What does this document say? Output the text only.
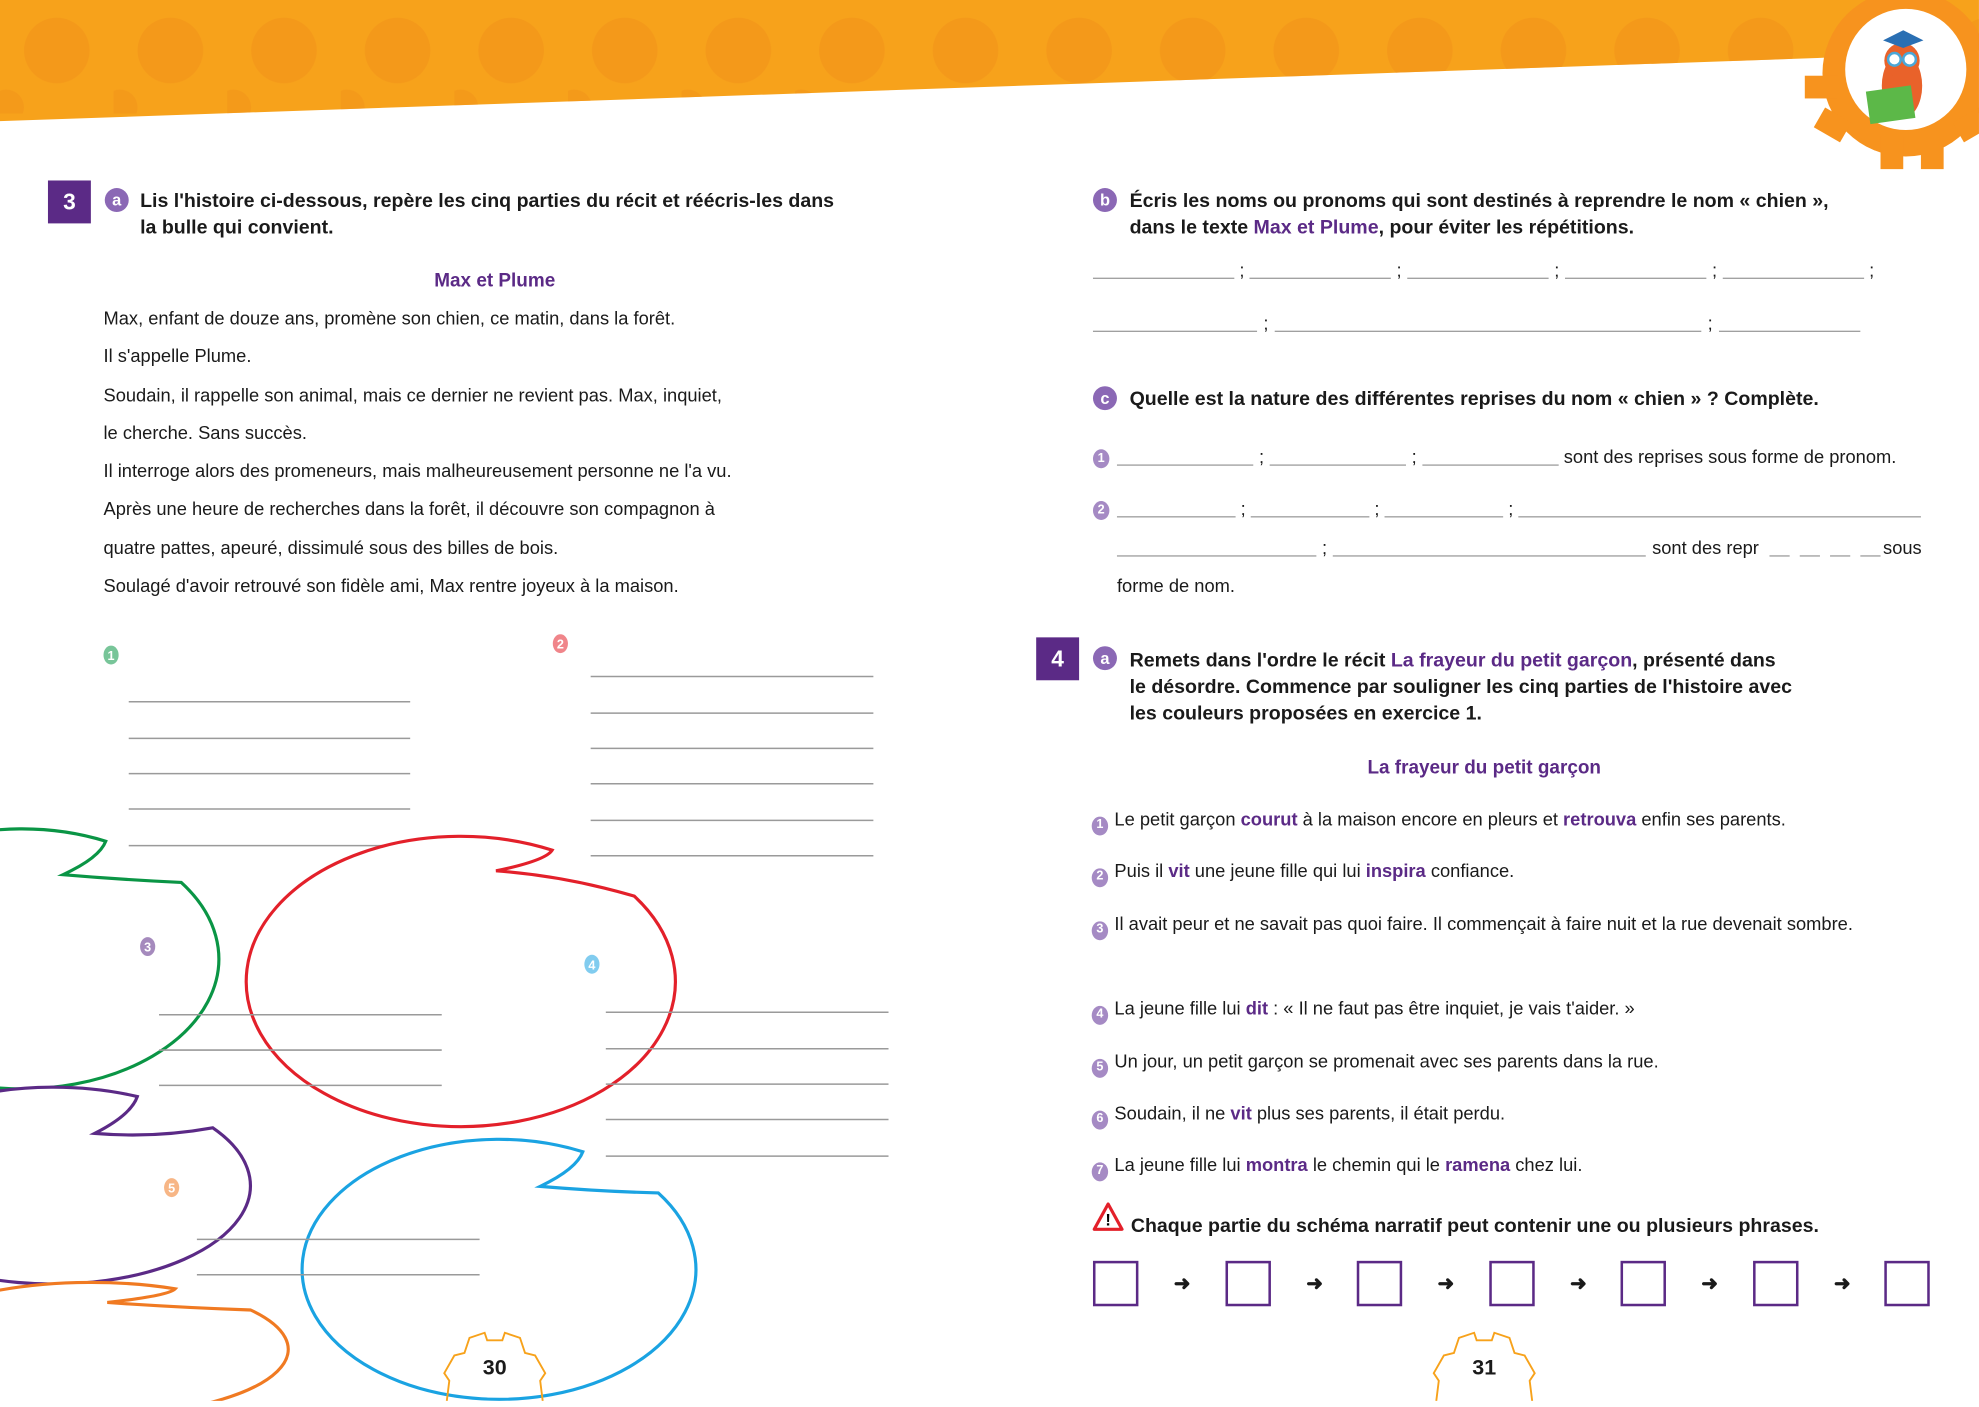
3	a	Lis l'histoire ci-dessous, repère les cinq parties du récit et réécris-les dans
la bulle qui convient.
Max et Plume
Max, enfant de douze ans, promène son chien, ce matin, dans la forêt.
Il s'appelle Plume.
Soudain, il rappelle son animal, mais ce dernier ne revient pas. Max, inquiet,
le cherche. Sans succès.
Il interroge alors des promeneurs, mais malheureusement personne ne l'a vu.
Après une heure de recherches dans la forêt, il découvre son compagnon à
quatre pattes, apeuré, dissimulé sous des billes de bois.
Soulagé d'avoir retrouvé son fidèle ami, Max rentre joyeux à la maison.
1
2
3
4
5
30
b	Écris les noms ou pronoms qui sont destinés à reprendre le nom « chien »,
dans le texte Max et Plume, pour éviter les répétitions.
;	;	;	;	;
;	;
;	;
;	;	;
;
c	Quelle est la nature des différentes reprises du nom « chien » ? Complète.
1	sont des reprises sous forme de pronom.
2
sont des repr	sous
forme de nom.
4	a	Remets dans l'ordre le récit La frayeur du petit garçon, présenté dans
le désordre. Commence par souligner les cinq parties de l'histoire avec
les couleurs proposées en exercice 1.
La frayeur du petit garçon
1 Le petit garçon courut à la maison encore en pleurs et retrouva enfin ses parents.
2 Puis il vit une jeune fille qui lui inspira confiance.
3 Il avait peur et ne savait pas quoi faire. Il commençait à faire nuit et la rue devenait sombre.
4 La jeune fille lui dit : « Il ne faut pas être inquiet, je vais t'aider. »
5 Un jour, un petit garçon se promenait avec ses parents dans la rue.
6 Soudain, il ne vit plus ses parents, il était perdu.
7 La jeune fille lui montra le chemin qui le ramena chez lui.
! Chaque partie du schéma narratif peut contenir une ou plusieurs phrases.
➜	➜	➜	➜	➜	➜
31
